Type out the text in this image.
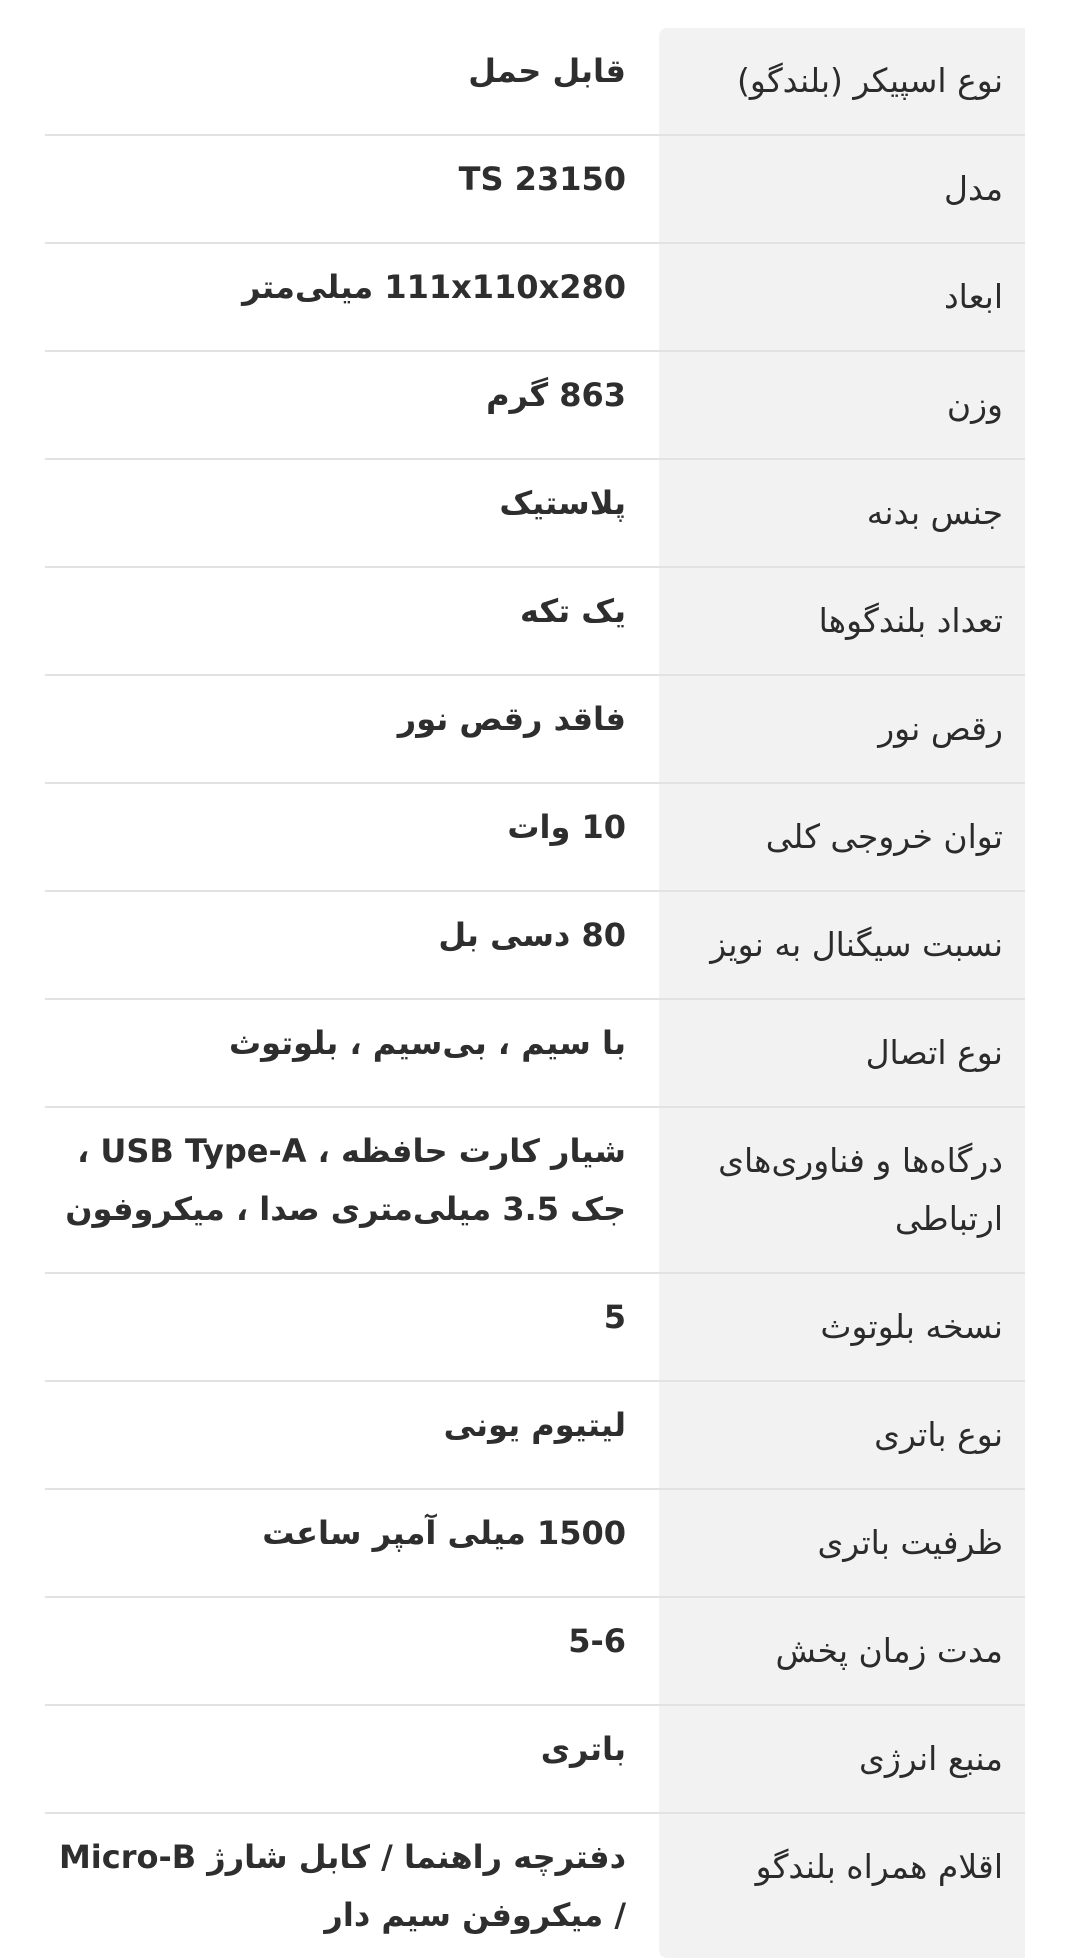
نوع اسپیکر (بلندگو)
قابل حمل
مدل
TS 23150
ابعاد
111x110x280 میلی‌متر
وزن
863 گرم
جنس بدنه
پلاستیک
تعداد بلندگوها
یک تکه
رقص نور
فاقد رقص نور
توان خروجی کلی
10 وات
نسبت سیگنال به نویز
80 دسی بل
نوع اتصال
با سیم ، بی‌سیم ، بلوتوث
درگاه‌ها و فناوری‌های ارتباطی
شیار کارت حافظه ، USB Type-A ، جک 3.5 میلی‌متری صدا ، میکروفون
نسخه بلوتوث
5
نوع باتری
لیتیوم یونی
ظرفیت باتری
1500 میلی آمپر ساعت
مدت زمان پخش
5-6
منبع انرژی
باتری
اقلام همراه بلندگو
دفترچه راهنما / کابل شارژ Micro-B / میکروفن سیم دار
